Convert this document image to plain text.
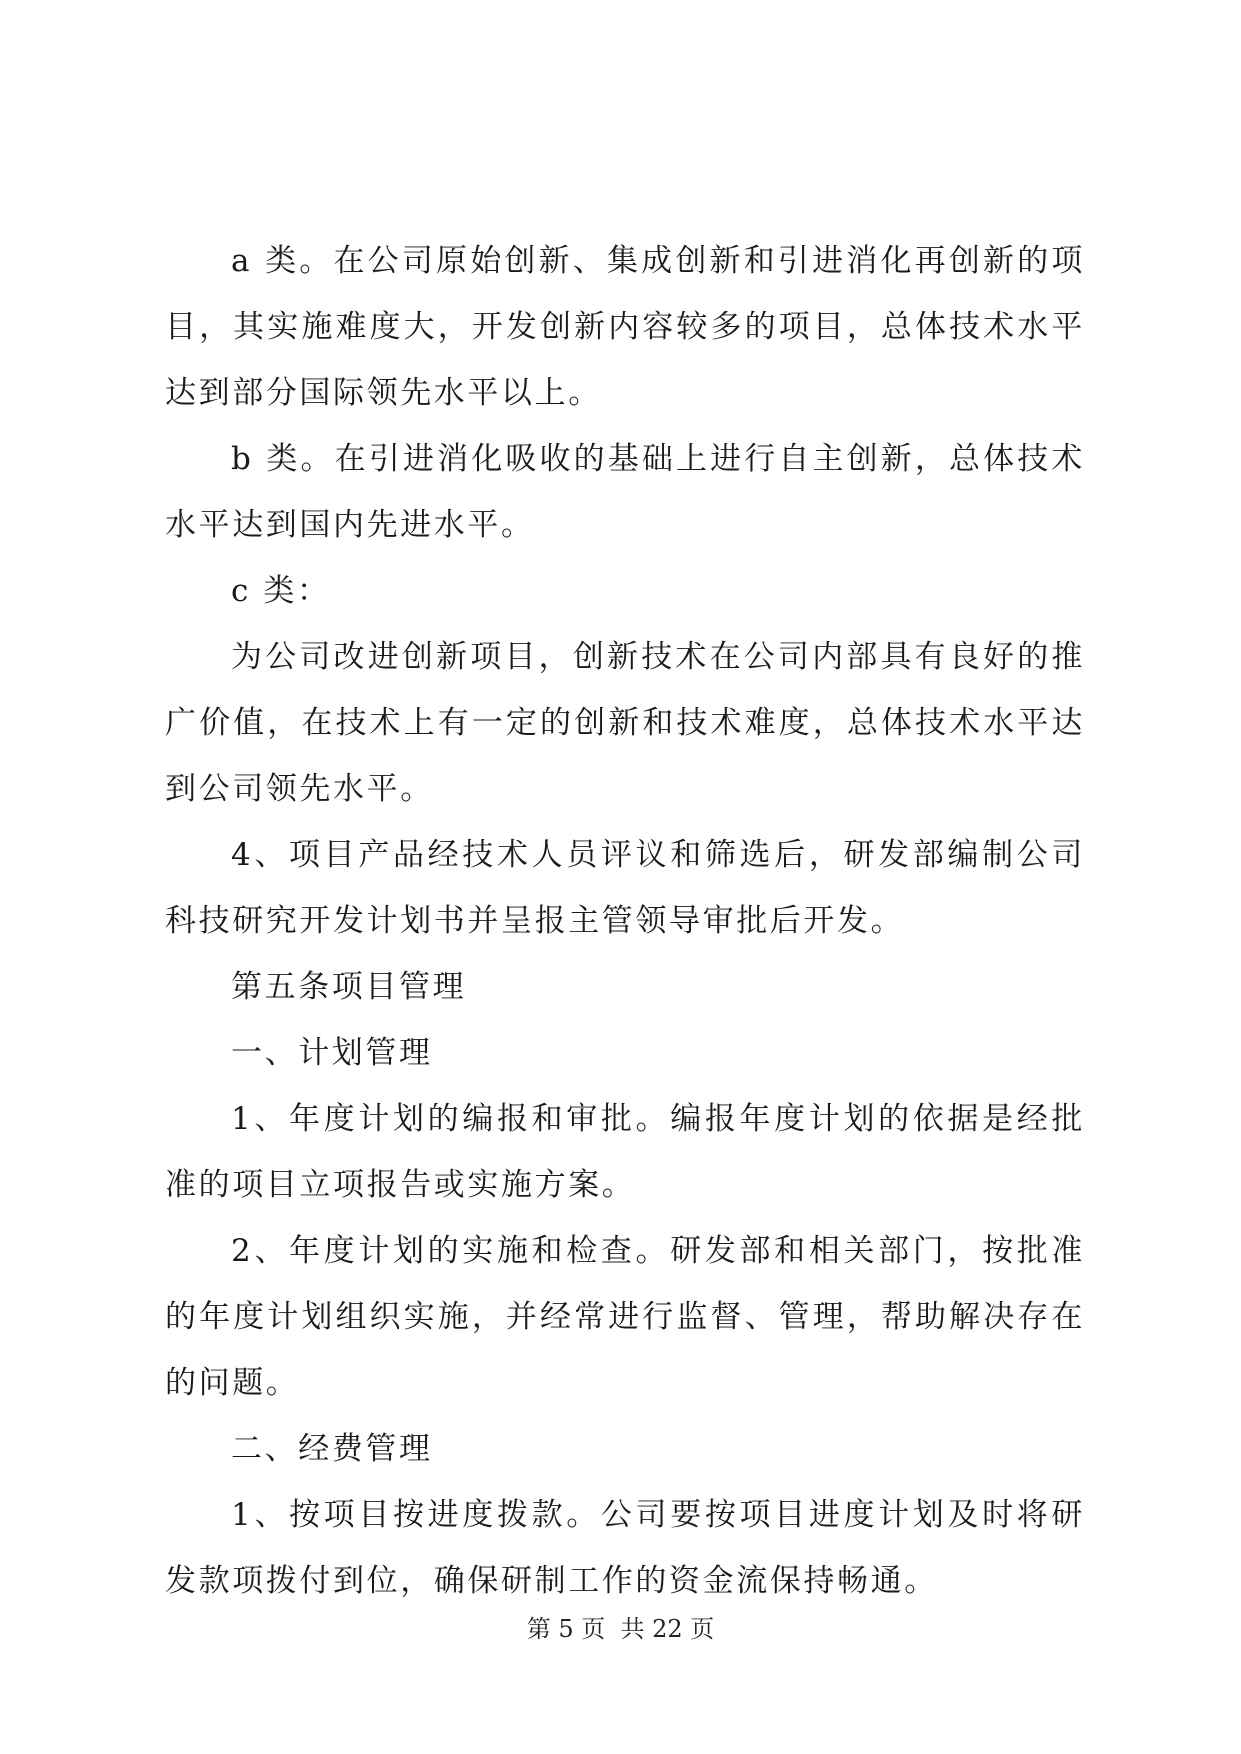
a 类。在公司原始创新、集成创新和引进消化再创新的项目，其实施难度大，开发创新内容较多的项目，总体技术水平达到部分国际领先水平以上。

b 类。在引进消化吸收的基础上进行自主创新，总体技术水平达到国内先进水平。

c 类：

为公司改进创新项目，创新技术在公司内部具有良好的推广价值，在技术上有一定的创新和技术难度，总体技术水平达到公司领先水平。

4、项目产品经技术人员评议和筛选后，研发部编制公司科技研究开发计划书并呈报主管领导审批后开发。

第五条项目管理

一、计划管理

1、年度计划的编报和审批。编报年度计划的依据是经批准的项目立项报告或实施方案。

2、年度计划的实施和检查。研发部和相关部门，按批准的年度计划组织实施，并经常进行监督、管理，帮助解决存在的问题。

二、经费管理

1、按项目按进度拨款。公司要按项目进度计划及时将研发款项拨付到位，确保研制工作的资金流保持畅通。

第 5 页 共 22 页
